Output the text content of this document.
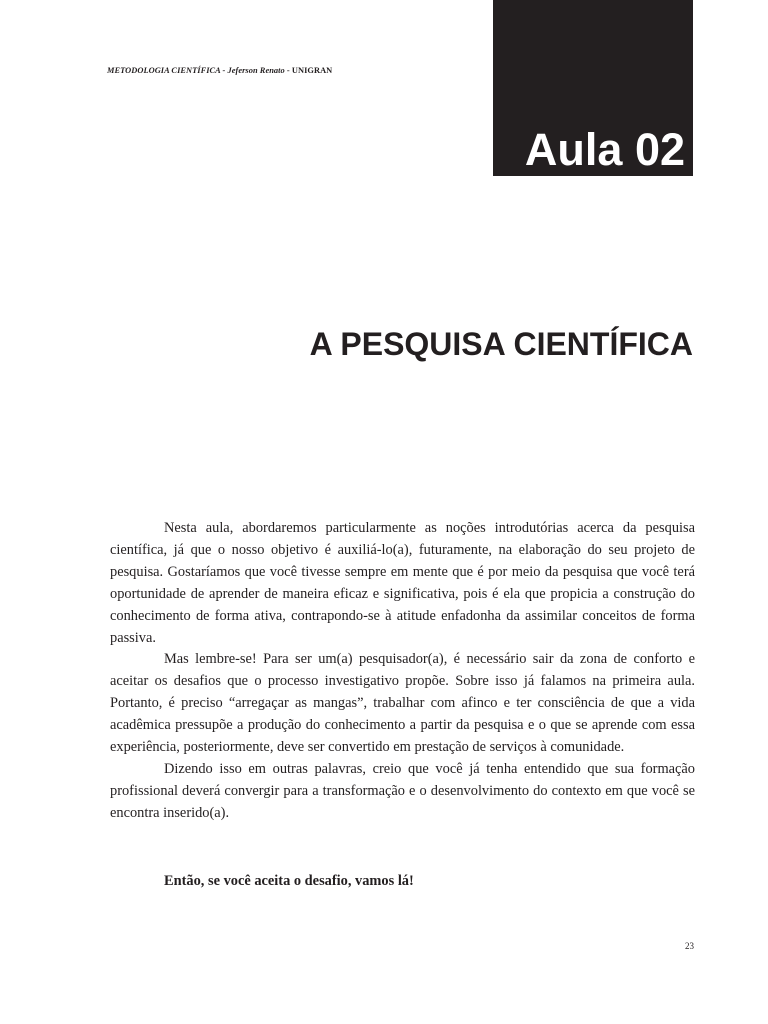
METODOLOGIA CIENTÍFICA - Jeferson Renato - UNIGRAN
Aula 02
A PESQUISA CIENTÍFICA

Nesta aula, abordaremos particularmente as noções introdutórias acerca da pesquisa científica, já que o nosso objetivo é auxiliá-lo(a), futuramente, na elaboração do seu projeto de pesquisa. Gostaríamos que você tivesse sempre em mente que é por meio da pesquisa que você terá oportunidade de aprender de maneira eficaz e significativa, pois é ela que propicia a construção do conhecimento de forma ativa, contrapondo-se à atitude enfadonha da assimilar conceitos de forma passiva.

Mas lembre-se! Para ser um(a) pesquisador(a), é necessário sair da zona de conforto e aceitar os desafios que o processo investigativo propõe. Sobre isso já falamos na primeira aula. Portanto, é preciso “arregaçar as mangas”, trabalhar com afinco e ter consciência de que a vida acadêmica pressupõe a produção do conhecimento a partir da pesquisa e o que se aprende com essa experiência, posteriormente, deve ser convertido em prestação de serviços à comunidade.

Dizendo isso em outras palavras, creio que você já tenha entendido que sua formação profissional deverá convergir para a transformação e o desenvolvimento do contexto em que você se encontra inserido(a).

Então, se você aceita o desafio, vamos lá!
23
